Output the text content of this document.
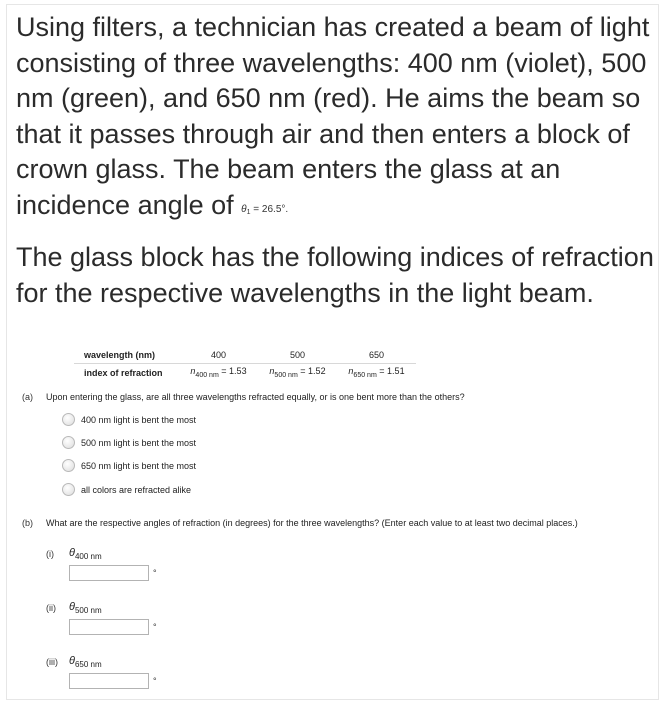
Using filters, a technician has created a beam of light consisting of three wavelengths: 400 nm (violet), 500 nm (green), and 650 nm (red). He aims the beam so that it passes through air and then enters a block of crown glass. The beam enters the glass at an incidence angle of $\theta_1 = 26.5^\circ$.

The glass block has the following indices of refraction for the respective wavelengths in the light beam.

wavelength (nm)	400	500	650
index of refraction	$n_{400 nm} = 1.53$	$n_{500 nm} = 1.52$	$n_{650 nm} = 1.51$
(a) Upon entering the glass, are all three wavelengths refracted equally, or is one bent more than the others?
400 nm light is bent the most
500 nm light is bent the most
650 nm light is bent the most
all colors are refracted alike
(b) What are the respective angles of refraction (in degrees) for the three wavelengths? (Enter each value to at least two decimal places.)
(i) $\theta_{400 nm}$
°
(ii) $\theta_{500 nm}$
°
(iii) $\theta_{650 nm}$
°
